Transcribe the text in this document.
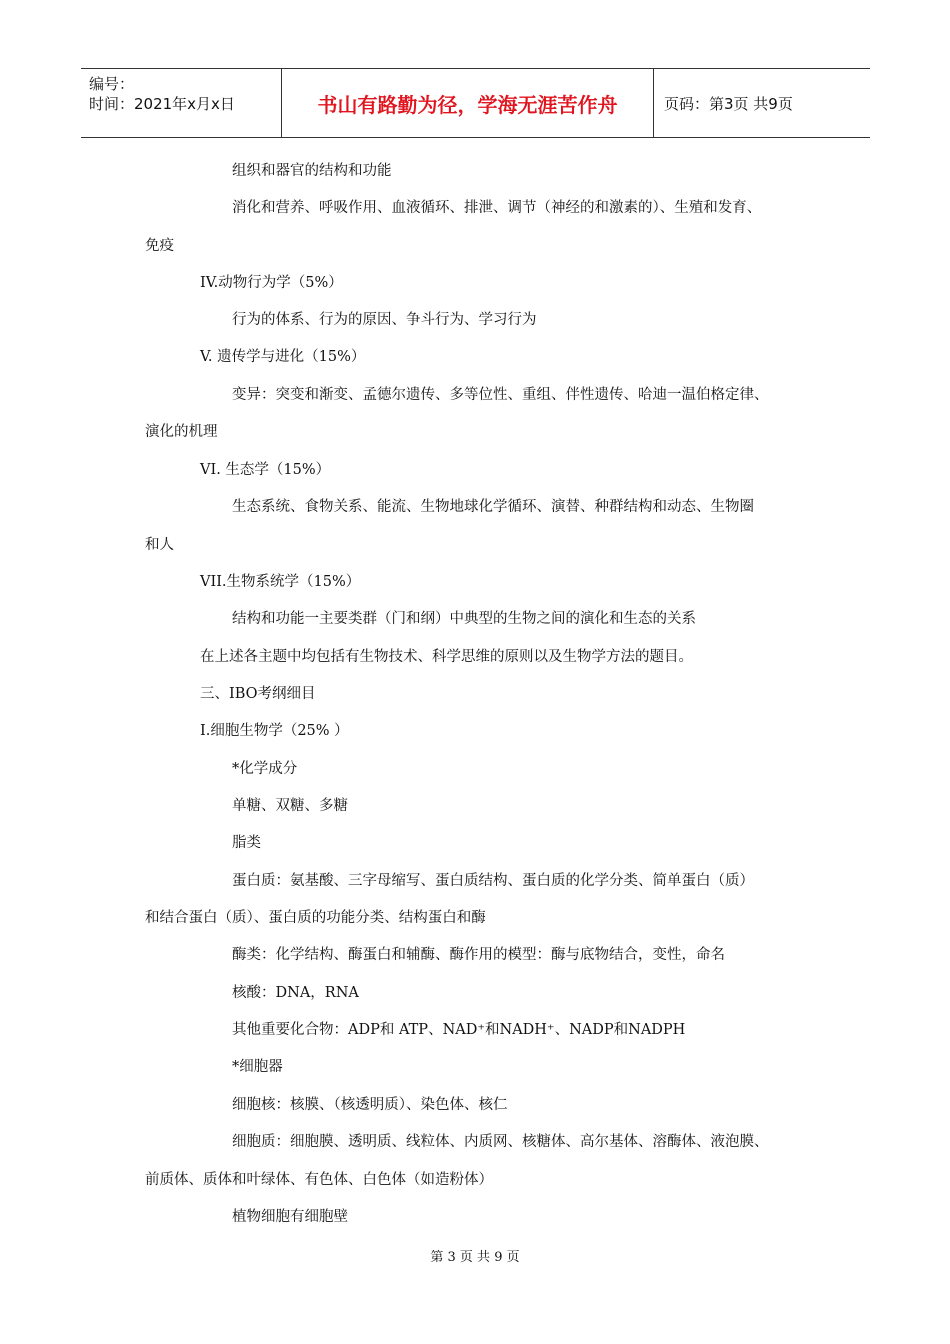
编号：
时间：2021年x月x日	书山有路勤为径，学海无涯苦作舟	页码：第3页 共9页
组织和器官的结构和功能
消化和营养、呼吸作用、血液循环、排泄、调节（神经的和激素的）、生殖和发育、
免疫
IV.动物行为学（5%）
行为的体系、行为的原因、争斗行为、学习行为
V. 遗传学与进化（15%）
变异：突变和渐变、孟德尔遗传、多等位性、重组、伴性遗传、哈迪一温伯格定律、
演化的机理
VI. 生态学（15%）
生态系统、食物关系、能流、生物地球化学循环、演替、种群结构和动态、生物圈
和人
VII.生物系统学（15%）
结构和功能一主要类群（门和纲）中典型的生物之间的演化和生态的关系
在上述各主题中均包括有生物技术、科学思维的原则以及生物学方法的题目。
三、IBO考纲细目
I.细胞生物学（25% ）
*化学成分
单糖、双糖、多糖
脂类
蛋白质：氨基酸、三字母缩写、蛋白质结构、蛋白质的化学分类、简单蛋白（质）
和结合蛋白（质）、蛋白质的功能分类、结构蛋白和酶
酶类：化学结构、酶蛋白和辅酶、酶作用的模型：酶与底物结合，变性，命名
核酸：DNA，RNA
其他重要化合物：ADP和 ATP、NAD⁺和NADH⁺、NADP和NADPH
*细胞器
细胞核：核膜、（核透明质）、染色体、核仁
细胞质：细胞膜、透明质、线粒体、内质网、核糖体、高尔基体、溶酶体、液泡膜、
前质体、质体和叶绿体、有色体、白色体（如造粉体）
植物细胞有细胞壁
第 3 页 共 9 页
